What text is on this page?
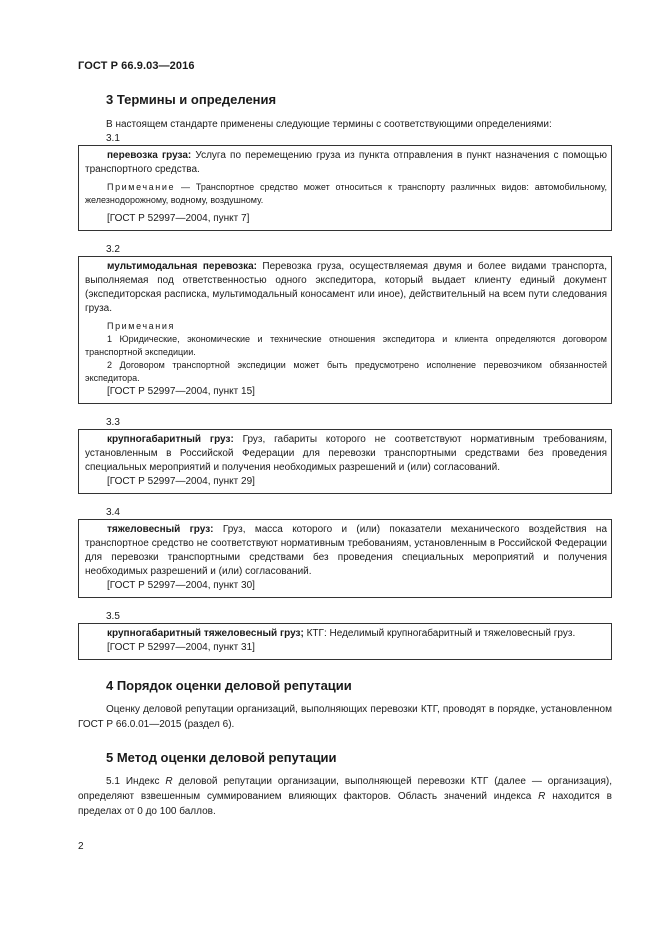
ГОСТ Р 66.9.03—2016
3 Термины и определения

В настоящем стандарте применены следующие термины с соответствующими определениями:

3.1

перевозка груза: Услуга по перемещению груза из пункта отправления в пункт назначения с помощью транспортного средства.

Примечание — Транспортное средство может относиться к транспорту различных видов: автомобильному, железнодорожному, водному, воздушному.

[ГОСТ Р 52997—2004, пункт 7]
3.2

мультимодальная перевозка: Перевозка груза, осуществляемая двумя и более видами транспорта, выполняемая под ответственностью одного экспедитора, который выдает клиенту единый документ (экспедиторская расписка, мультимодальный коносамент или иное), действительный на всем пути следования груза.

Примечания

1 Юридические, экономические и технические отношения экспедитора и клиента определяются договором транспортной экспедиции.

2 Договором транспортной экспедиции может быть предусмотрено исполнение перевозчиком обязанностей экспедитора.

[ГОСТ Р 52997—2004, пункт 15]
3.3

крупногабаритный груз: Груз, габариты которого не соответствуют нормативным требованиям, установленным в Российской Федерации для перевозки транспортными средствами без проведения специальных мероприятий и получения необходимых разрешений и (или) согласований.

[ГОСТ Р 52997—2004, пункт 29]
3.4

тяжеловесный груз: Груз, масса которого и (или) показатели механического воздействия на транспортное средство не соответствуют нормативным требованиям, установленным в Российской Федерации для перевозки транспортными средствами без проведения специальных мероприятий и получения необходимых разрешений и (или) согласований.

[ГОСТ Р 52997—2004, пункт 30]
3.5

крупногабаритный тяжеловесный груз; КТГ: Неделимый крупногабаритный и тяжеловесный груз.

[ГОСТ Р 52997—2004, пункт 31]
4 Порядок оценки деловой репутации

Оценку деловой репутации организаций, выполняющих перевозки КТГ, проводят в порядке, установленном ГОСТ Р 66.0.01—2015 (раздел 6).

5 Метод оценки деловой репутации

5.1 Индекс R деловой репутации организации, выполняющей перевозки КТГ (далее — организация), определяют взвешенным суммированием влияющих факторов. Область значений индекса R находится в пределах от 0 до 100 баллов.

2
